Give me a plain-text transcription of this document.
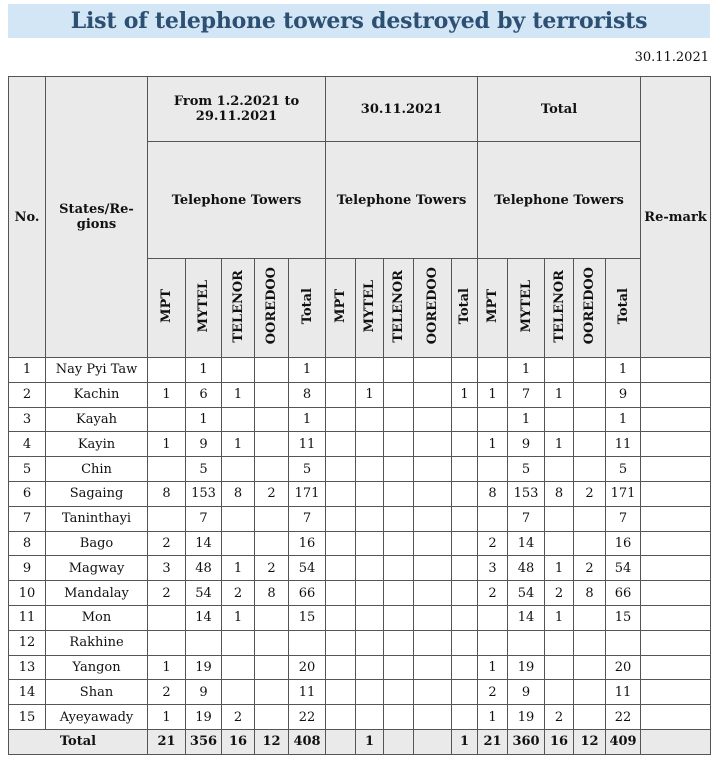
List of telephone towers destroyed by terrorists
30.11.2021
No.	States/Re-gions	From 1.2.2021 to 29.11.2021					30.11.2021					Total					Re-mark
		Telephone Towers					Telephone Towers					Telephone Towers					
		MPT	MYTEL	TELENOR	OOREDOO	Total	MPT	MYTEL	TELENOR	OOREDOO	Total	MPT	MYTEL	TELENOR	OOREDOO	Total	
1	Nay Pyi Taw		1			1							1			1	
2	Kachin	1	6	1		8		1			1	1	7	1		9	
3	Kayah		1			1							1			1	
4	Kayin	1	9	1		11						1	9	1		11	
5	Chin		5			5							5			5	
6	Sagaing	8	153	8	2	171						8	153	8	2	171	
7	Taninthayi		7			7							7			7	
8	Bago	2	14			16						2	14			16	
9	Magway	3	48	1	2	54						3	48	1	2	54	
10	Mandalay	2	54	2	8	66						2	54	2	8	66	
11	Mon		14	1		15							14	1		15	
12	Rakhine																
13	Yangon	1	19			20						1	19			20	
14	Shan	2	9			11						2	9			11	
15	Ayeyawady	1	19	2		22						1	19	2		22	
Total		21	356	16	12	408		1			1	21	360	16	12	409	
